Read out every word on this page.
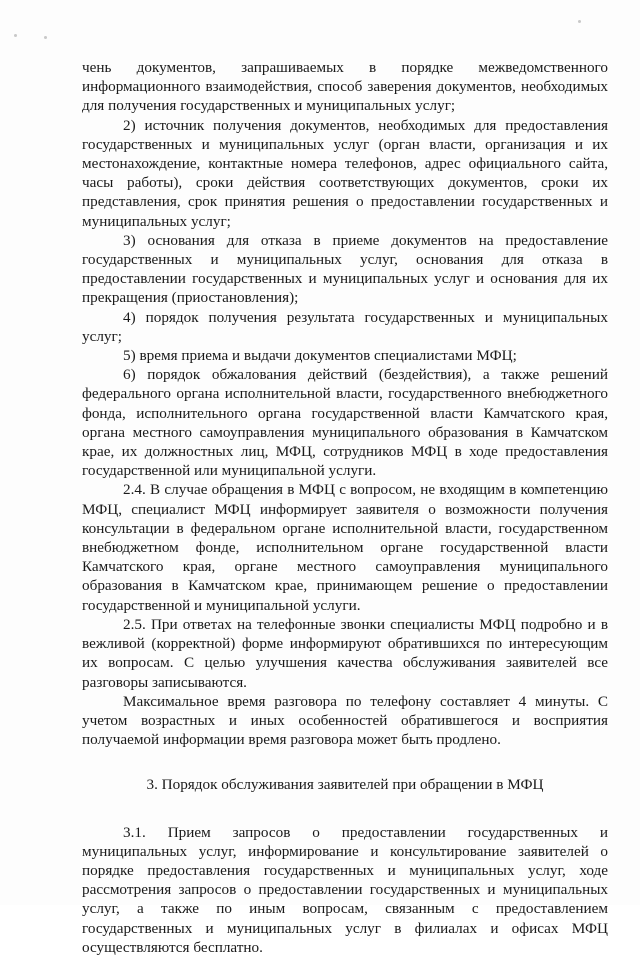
чень документов, запрашиваемых в порядке межведомственного информационного взаимодействия, способ заверения документов, необходимых для получения государственных и муниципальных услуг;

2) источник получения документов, необходимых для предоставления государственных и муниципальных услуг (орган власти, организация и их местонахождение, контактные номера телефонов, адрес официального сайта, часы работы), сроки действия соответствующих документов, сроки их представления, срок принятия решения о предоставлении государственных и муниципальных услуг;

3) основания для отказа в приеме документов на предоставление государственных и муниципальных услуг, основания для отказа в предоставлении государственных и муниципальных услуг и основания для их прекращения (приостановления);

4) порядок получения результата государственных и муниципальных услуг;

5) время приема и выдачи документов специалистами МФЦ;

6) порядок обжалования действий (бездействия), а также решений федерального органа исполнительной власти, государственного внебюджетного фонда, исполнительного органа государственной власти Камчатского края, органа местного самоуправления муниципального образования в Камчатском крае, их должностных лиц, МФЦ, сотрудников МФЦ в ходе предоставления государственной или муниципальной услуги.

2.4. В случае обращения в МФЦ с вопросом, не входящим в компетенцию МФЦ, специалист МФЦ информирует заявителя о возможности получения консультации в федеральном органе исполнительной власти, государственном внебюджетном фонде, исполнительном органе государственной власти Камчатского края, органе местного самоуправления муниципального образования в Камчатском крае, принимающем решение о предоставлении государственной и муниципальной услуги.

2.5. При ответах на телефонные звонки специалисты МФЦ подробно и в вежливой (корректной) форме информируют обратившихся по интересующим их вопросам. С целью улучшения качества обслуживания заявителей все разговоры записываются.

Максимальное время разговора по телефону составляет 4 минуты. С учетом возрастных и иных особенностей обратившегося и восприятия получаемой информации время разговора может быть продлено.

3. Порядок обслуживания заявителей при обращении в МФЦ

3.1. Прием запросов о предоставлении государственных и муниципальных услуг, информирование и консультирование заявителей о порядке предоставления государственных и муниципальных услуг, ходе рассмотрения запросов о предоставлении государственных и муниципальных услуг, а также по иным вопросам, связанным с предоставлением государственных и муниципальных услуг в филиалах и офисах МФЦ осуществляются бесплатно.
